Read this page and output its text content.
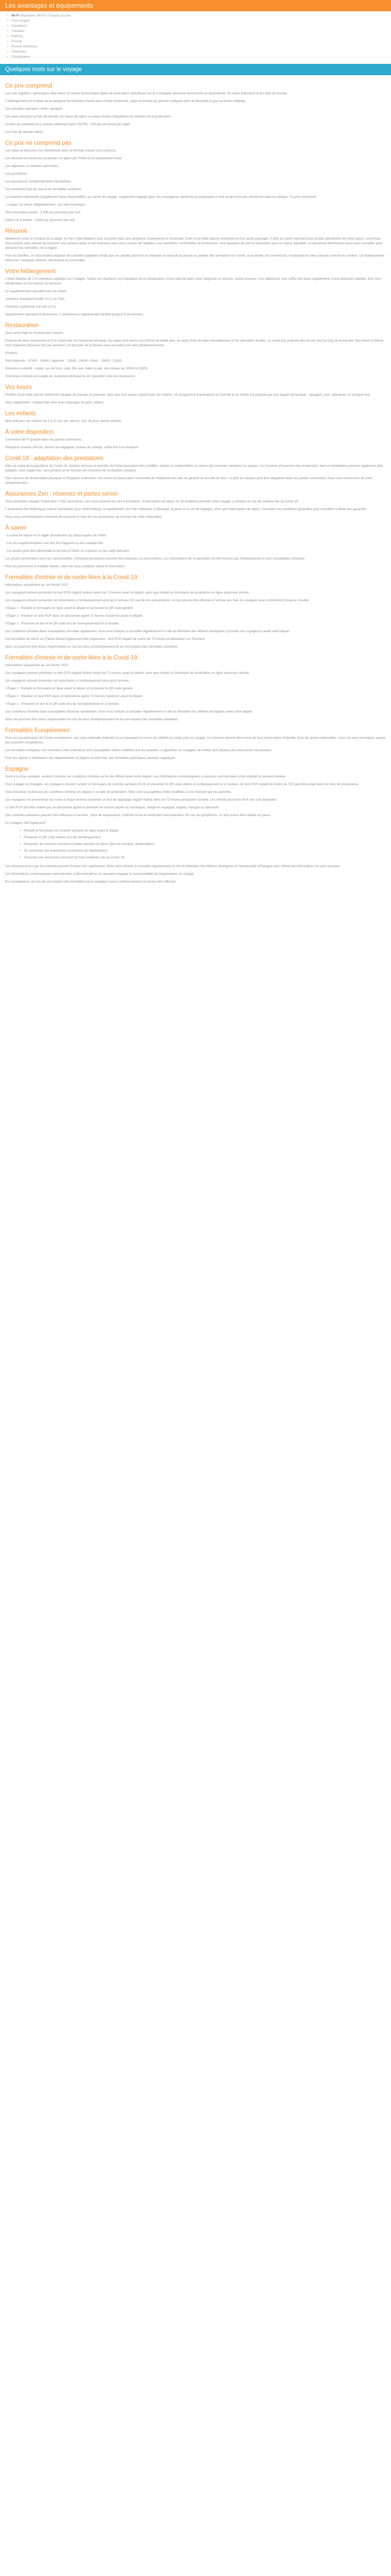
Les avantages et équipements
• Wi-Fi disponible (Wi-Fi) / Espace piscine
• Tout compris
• Chambres
• Transfert
• Parking
• Piscine
• Piscine extérieure
• Télévision
• Climatisation
Quelques mots sur le voyage
Ce prix comprend

Les vols réguliers / génériques aller-retour en classe économique (base de réservation spécifique) sur la compagnie aérienne mentionnée ou équivalente, les taxes d'aéroport et les frais de dossier.

L'hébergement sur la base de la catégorie de chambre choisie dans l'hôtel mentionné, selon la formule de pension indiquée dans le descriptif et pour la durée indiquée.

Les transferts aéroport / hôtel / aéroport.

Les taxes aéroport et frais de dossier, les taxes de séjour ou taxes locales obligatoires au moment de la publication.

La taxe de solidarité et la surtaxe carburant (taxe YQ/YR) : 126 par personne par trajet.

Les frais de dossier offerts.

Ce prix ne comprend pas

Les repas et boissons non mentionnés dans la formule choisie (tout compris),

Les services et excursions proposés sur place par l'hôtel ou le représentant local,

Les dépenses à caractère personnel,

Les pourboires,

Les assurances complémentaires facultatives,

Les éventuels frais de visa et de formalités sanitaires,

La chambre individuelle (supplément selon disponibilité), un carnet de voyage, supplément bagage (pour les compagnies aériennes le proposant) et tout ce qui n'est pas mentionné dans la rubrique "Ce prix comprend".

- A payer sur place obligatoirement, une taxe touristique.

Taxe touristique locale : 3,00€ par personne par nuit,

Hôtel 4 et 5 étoiles : 3,00€ par personne par nuit.

Résumé

Idéalement situé en bordure de la plage, le Parc Hôtel Madeira vous accueille dans une ambiance chaleureuse et conviviale. Doté d'une belle piscine extérieure et d'un jardin paysager, il offre un cadre reposant pour profiter pleinement de votre séjour. La formule tout compris vous permet de savourer une cuisine variée et des boissons sans vous soucier de l'addition. Les chambres, confortables et lumineuses, sont équipées de tout le nécessaire pour un séjour agréable. Le personnel attentionné saura vous conseiller pour découvrir les merveilles de la région.

Pour les familles, un club enfants propose des activités adaptées tandis que les adultes pourront se détendre au bord de la piscine ou profiter des animations en soirée. À proximité, les commerces, restaurants et sites culturels raviront les curieux. Un établissement idéal pour conjuguer détente, découverte et convivialité.

Votre hébergement

L'hôtel dispose de 174 chambres réparties sur 5 étages. Toutes les chambres sont équipées de la climatisation, d'une salle de bains avec baignoire ou douche, sèche-cheveux, d'un téléphone, d'un coffre-fort (avec supplément), d'une télévision satellite, d'un mini-réfrigérateur et d'un balcon ou terrasse.

Lit supplémentaire possible pour un enfant.

Chambre Standard Double (2+1) ou Twin

Chambre supérieure vue mer (2+1).

Appartement standard (4 personnes, 2 chambres) et appartement familial (jusqu'à 5 personnes).

Restauration

Vous serez logé en formule tout compris.

Dispose de deux restaurants et d'un snack-bar. Au restaurant principal, les repas sont servis sous forme de buffet avec un large choix de plats internationaux et de spécialités locales. Le snack-bar propose des en-cas tout au long de la journée. Des dîners à thème sont organisés plusieurs fois par semaine. Un bar près de la piscine vous accueille pour des rafraîchissements.

Horaires :

Petit-déjeuner : 07h30 - 10h00 / déjeuner : 12h30 - 14h30 / dîner : 19h00 - 21h30.

Boissons à volonté : sodas, jus de fruits, café, thé, eau, bière locale, vins locaux de 10h00 à 23h00.

Une tenue correcte est exigée au restaurant principal le soir (pantalon pour les messieurs).

Vos loisirs

Profitez d'une belle piscine extérieure équipée de transats et parasols, ainsi que d'un bassin séparé pour les enfants. Un programme d'animations en journée et en soirée est proposé par une équipe dynamique : aquagym, jeux, spectacles et musique live.

Avec supplément : espace bien-être avec massages et soins, billard.

Les enfants

Mini-club pour les enfants de 4 à 12 ans (en saison). Aire de jeux, bassin enfants.

À votre disposition

Connexion Wi-Fi gratuite dans les parties communes.

Réception ouverte 24h/24, service de bagagerie, bureau de change, coffre-fort à la réception.

Covid-19 : adaptation des prestations

Dans le cadre de la pandémie de Covid-19, certains services et activités de l'hôtel pourraient être modifiés, réduits ou indisponibles en raison des mesures sanitaires en vigueur. Les horaires d'ouverture des restaurants, bars et installations peuvent également être adaptés, voire supprimés, sans préavis et en fonction de l'évolution de la situation sanitaire.

Des mesures de distanciation physique et d'hygiène renforcées sont mises en place dans l'ensemble de l'établissement afin de garantir la sécurité de tous. Le port du masque peut être obligatoire dans les parties communes. Nous vous remercions de votre compréhension.

Assurances Zen : réservez et partez serein

Vous souhaitez voyager l'esprit libre ? Nos assurances Zen vous couvrent en cas d'annulation, d'interruption de séjour ou de problème pendant votre voyage, y compris en cas de maladie liée au Covid-19.

L'assurance Zen Multirisque couvre l'annulation pour motif médical, le rapatriement, les frais médicaux à l'étranger, la perte ou le vol de bagages, ainsi que l'interruption de séjour. Consultez les conditions générales pour connaître le détail des garanties.

Nous vous recommandons vivement de souscrire à l'une de nos assurances au moment de votre réservation.

À savoir

- La taxe de séjour est à régler directement sur place auprès de l'hôtel.

- Les lits supplémentaires sont des lits d'appoint ou des canapés-lits.

- La caution peut être demandée à l'arrivée à l'hôtel, en espèces ou par carte bancaire.

Les photos présentées sont non contractuelles. Certaines prestations peuvent être payantes ou saisonnières. Les informations de ce descriptif ont été fournies par l'établissement et sont susceptibles d'évoluer.

Pour les personnes à mobilité réduite, merci de nous contacter avant la réservation.

Formalités d'entrée et de sortie liées à la Covid-19

Informations actualisées au 1er février 2021

Les voyageurs doivent présenter un test PCR négatif réalisé moins de 72 heures avant le départ, ainsi que remplir un formulaire de localisation en ligne avant leur arrivée.

Les voyageurs doivent présenter ces documents à l'embarquement ainsi qu'à l'arrivée. En cas de non-présentation, un test pourra être effectué à l'arrivée aux frais du voyageur avec confinement jusqu'au résultat.

• Étape 1 : Remplir le formulaire en ligne avant le départ et conserver le QR code généré.

• Étape 2 : Réaliser un test PCR dans un laboratoire agréé 72 heures maximum avant le départ.

• Étape 3 : Présenter le test et le QR code lors de l'enregistrement et à l'arrivée.

Les conditions d'entrée étant susceptibles d'évoluer rapidement, nous vous invitons à consulter régulièrement le site du Ministère des Affaires étrangères (Conseils aux voyageurs) avant votre départ.

Les formalités de retour en France doivent également être respectées : test PCR négatif de moins de 72 heures et attestation sur l'honneur.

Nous ne pourrons être tenus responsables en cas de refus d'embarquement lié au non-respect des formalités sanitaires.

Formalités d'entrée et de sortie liées à la Covid-19

Informations actualisées au 1er février 2021

Les voyageurs doivent présenter un test PCR négatif réalisé moins de 72 heures avant le départ, ainsi que remplir un formulaire de localisation en ligne avant leur arrivée.

Les voyageurs doivent présenter ces documents à l'embarquement ainsi qu'à l'arrivée.

• Étape 1 : Remplir le formulaire en ligne avant le départ et conserver le QR code généré.

• Étape 2 : Réaliser un test PCR dans un laboratoire agréé 72 heures maximum avant le départ.

• Étape 3 : Présenter le test et le QR code lors de l'enregistrement et à l'arrivée.

Les conditions d'entrée étant susceptibles d'évoluer rapidement, nous vous invitons à consulter régulièrement le site du Ministère des Affaires étrangères avant votre départ.

Nous ne pourrons être tenus responsables en cas de refus d'embarquement lié au non-respect des formalités sanitaires.

Formalités Européennes

Pour les ressortissants de l'Union européenne, une carte nationale d'identité ou un passeport en cours de validité est exigé pour ce voyage. Les mineurs doivent être munis de leur propre pièce d'identité. Pour les autres nationalités, merci de vous renseigner auprès des autorités compétentes.

Les formalités indiquées sont données à titre indicatif et sont susceptibles d'être modifiées par les autorités. Il appartient au voyageur de vérifier qu'il dispose des documents nécessaires.

Pour les séjours à destination des départements et régions d'outre-mer, des formalités spécifiques peuvent s'appliquer.

Espagne

Suite à la crise sanitaire, veuillez consulter les conditions d'entrée sur le site officiel avant votre départ. Les informations communiquées ci-dessous sont données à titre indicatif et peuvent évoluer.

Pour voyager en Espagne, les voyageurs doivent remplir un formulaire de contrôle sanitaire (FCS) et présenter le QR code obtenu à l'embarquement et à l'arrivée. Un test PCR négatif de moins de 72h peut être exigé selon la zone de provenance.

Vous trouverez ci-dessous les conditions d'entrée en vigueur à la date de publication. Elles sont susceptibles d'être modifiées à tout moment par les autorités.

Les voyageurs en provenance de zones à risque doivent présenter un test de dépistage négatif réalisé dans les 72 heures précédant l'arrivée. Les enfants de moins de 6 ans sont exemptés.

Le test PCR doit être réalisé par un laboratoire agréé et présenté en version papier ou numérique, rédigé en espagnol, anglais, français ou allemand.

Des contrôles sanitaires peuvent être effectués à l'arrivée : prise de température, contrôle visuel et vérification documentaire. En cas de symptômes, un test pourra être réalisé sur place.

Le voyageur doit également :

• Remplir le formulaire de contrôle sanitaire en ligne avant le départ.
• Présenter le QR code obtenu lors de l'embarquement.
• Respecter les mesures sanitaires locales pendant le séjour (port du masque, distanciation).
• Se conformer aux éventuelles restrictions de déplacement.
• Souscrire une assurance couvrant les frais médicaux liés au Covid-19.

Les mesures prises par les autorités peuvent évoluer très rapidement. Nous vous invitons à consulter régulièrement le site du Ministère des Affaires étrangères et l'ambassade d'Espagne pour obtenir les informations les plus récentes.

Les informations communiquées sont données à titre indicatif et ne sauraient engager la responsabilité de l'organisateur du voyage.

En conséquence, en cas de non-respect des formalités par le voyageur, aucun remboursement ne pourra être effectué.
